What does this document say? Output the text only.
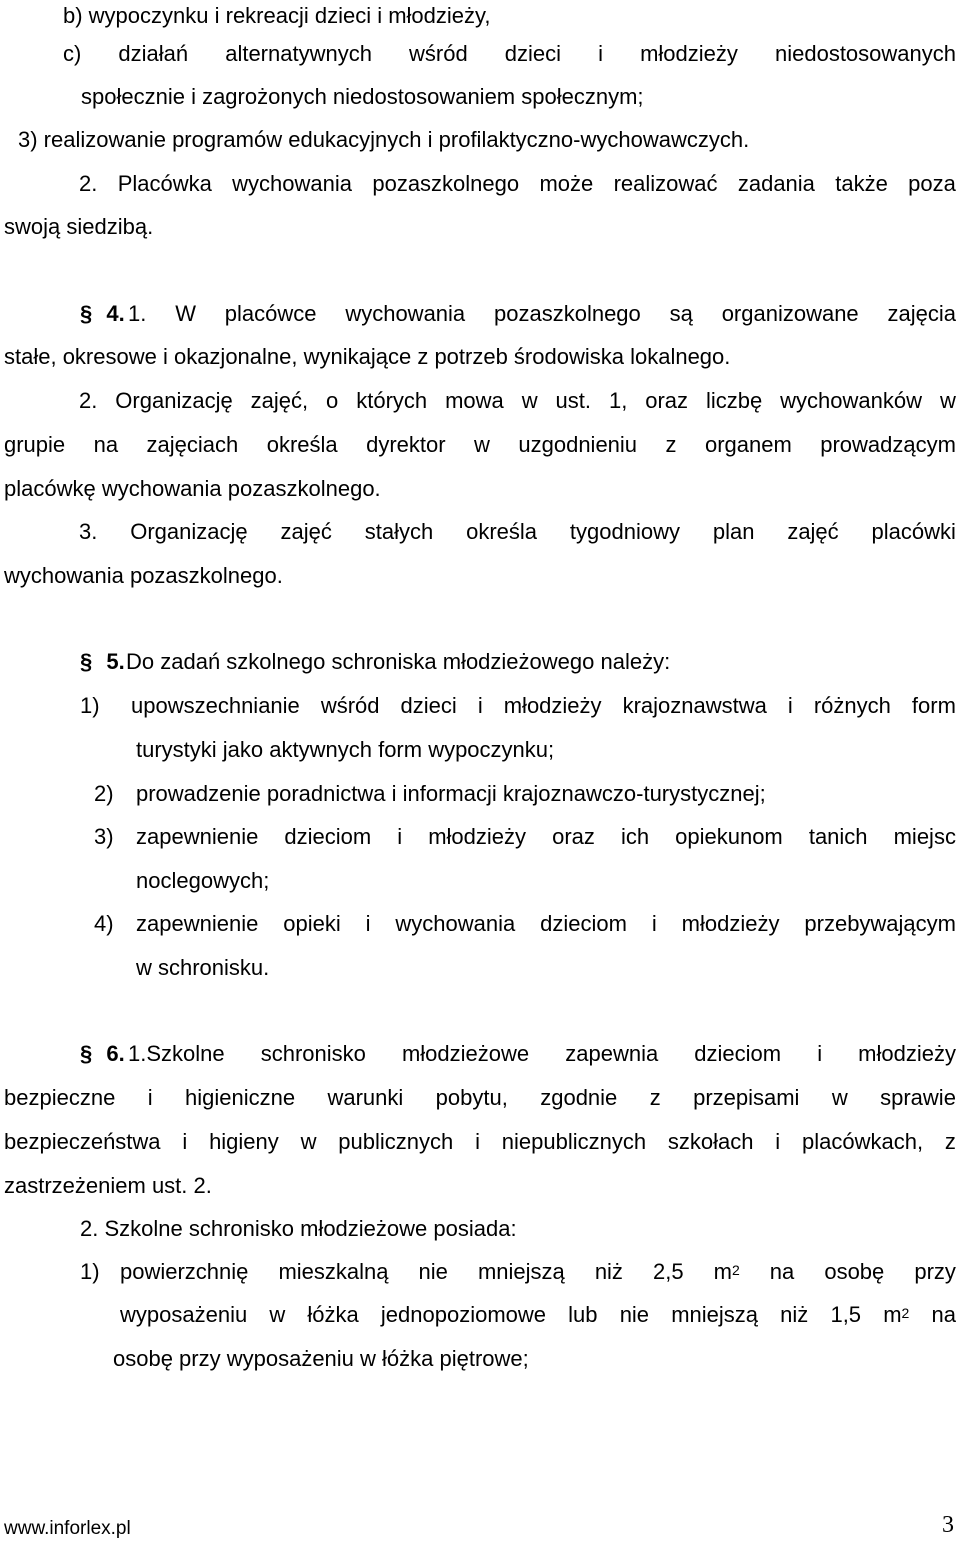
b) wypoczynku i rekreacji dzieci i młodzieży,
c) działań alternatywnych wśród dzieci i młodzieży niedostosowanych
społecznie i zagrożonych niedostosowaniem społecznym;
3) realizowanie programów edukacyjnych i profilaktyczno-wychowawczych.
2. Placówka wychowania pozaszkolnego może realizować zadania także poza
swoją siedzibą.
§ 4. 1. W placówce wychowania pozaszkolnego są organizowane zajęcia
stałe, okresowe i okazjonalne, wynikające z potrzeb środowiska lokalnego.
2. Organizację zajęć, o których mowa w ust. 1, oraz liczbę wychowanków w
grupie na zajęciach określa dyrektor w uzgodnieniu z organem prowadzącym
placówkę wychowania pozaszkolnego.
3. Organizację zajęć stałych określa tygodniowy plan zajęć placówki
wychowania pozaszkolnego.
§ 5. Do zadań szkolnego schroniska młodzieżowego należy:
1) upowszechnianie wśród dzieci i młodzieży krajoznawstwa i różnych form
turystyki jako aktywnych form wypoczynku;
2) prowadzenie poradnictwa i informacji krajoznawczo-turystycznej;
3) zapewnienie dzieciom i młodzieży oraz ich opiekunom tanich miejsc
noclegowych;
4) zapewnienie opieki i wychowania dzieciom i młodzieży przebywającym
w schronisku.
§ 6. 1.Szkolne schronisko młodzieżowe zapewnia dzieciom i młodzieży
bezpieczne i higieniczne warunki pobytu, zgodnie z przepisami w sprawie
bezpieczeństwa i higieny w publicznych i niepublicznych szkołach i placówkach, z
zastrzeżeniem ust. 2.
2. Szkolne schronisko młodzieżowe posiada:
1) powierzchnię mieszkalną nie mniejszą niż 2,5 $m^2$ na osobę przy
wyposażeniu w łóżka jednopoziomowe lub nie mniejszą niż 1,5 $m^2$ na
osobę przy wyposażeniu w łóżka piętrowe;
www.inforlex.pl	3
